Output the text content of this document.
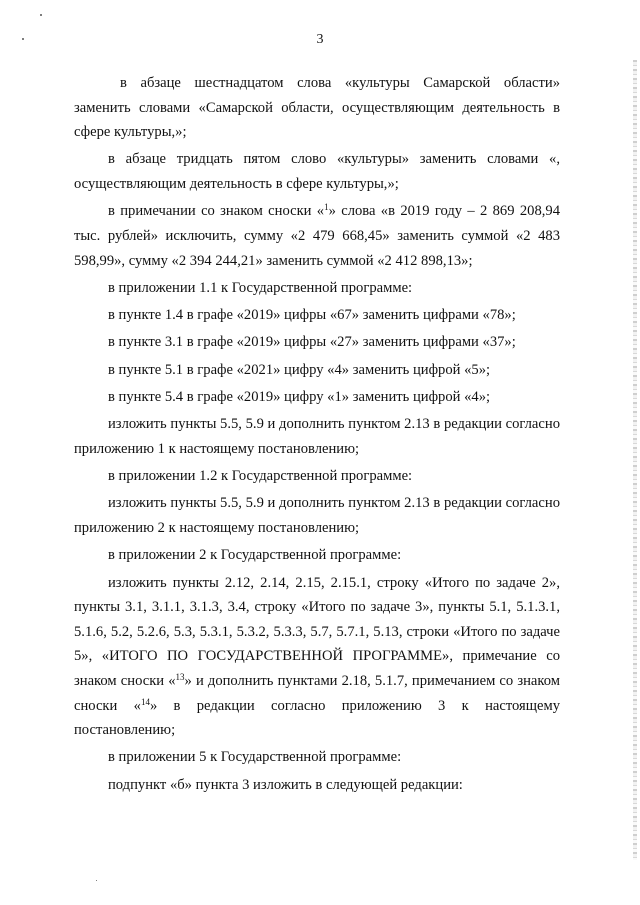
3

в абзаце шестнадцатом слова «культуры Самарской области» заменить словами «Самарской области, осуществляющим деятельность в сфере культуры,»;

в абзаце тридцать пятом слово «культуры» заменить словами «, осуществляющим деятельность в сфере культуры,»;

в примечании со знаком сноски «$^1$» слова «в 2019 году – 2 869 208,94 тыс. рублей» исключить, сумму «2 479 668,45» заменить суммой «2 483 598,99», сумму «2 394 244,21» заменить суммой «2 412 898,13»;

в приложении 1.1 к Государственной программе:

в пункте 1.4 в графе «2019» цифры «67» заменить цифрами «78»;

в пункте 3.1 в графе «2019» цифры «27» заменить цифрами «37»;

в пункте 5.1 в графе «2021» цифру «4» заменить цифрой «5»;

в пункте 5.4 в графе «2019» цифру «1» заменить цифрой «4»;

изложить пункты 5.5, 5.9 и дополнить пунктом 2.13 в редакции согласно приложению 1 к настоящему постановлению;

в приложении 1.2 к Государственной программе:

изложить пункты 5.5, 5.9 и дополнить пунктом 2.13 в редакции согласно приложению 2 к настоящему постановлению;

в приложении 2 к Государственной программе:

изложить пункты 2.12, 2.14, 2.15, 2.15.1, строку «Итого по задаче 2», пункты 3.1, 3.1.1, 3.1.3, 3.4, строку «Итого по задаче 3», пункты 5.1, 5.1.3.1, 5.1.6, 5.2, 5.2.6, 5.3, 5.3.1, 5.3.2, 5.3.3, 5.7, 5.7.1, 5.13, строки «Итого по задаче 5», «ИТОГО ПО ГОСУДАРСТВЕННОЙ ПРОГРАММЕ», примечание со знаком сноски «$^{13}$» и дополнить пунктами 2.18, 5.1.7, примечанием со знаком сноски «$^{14}$» в редакции согласно приложению 3 к настоящему постановлению;

в приложении 5 к Государственной программе:

подпункт «б» пункта 3 изложить в следующей редакции:
